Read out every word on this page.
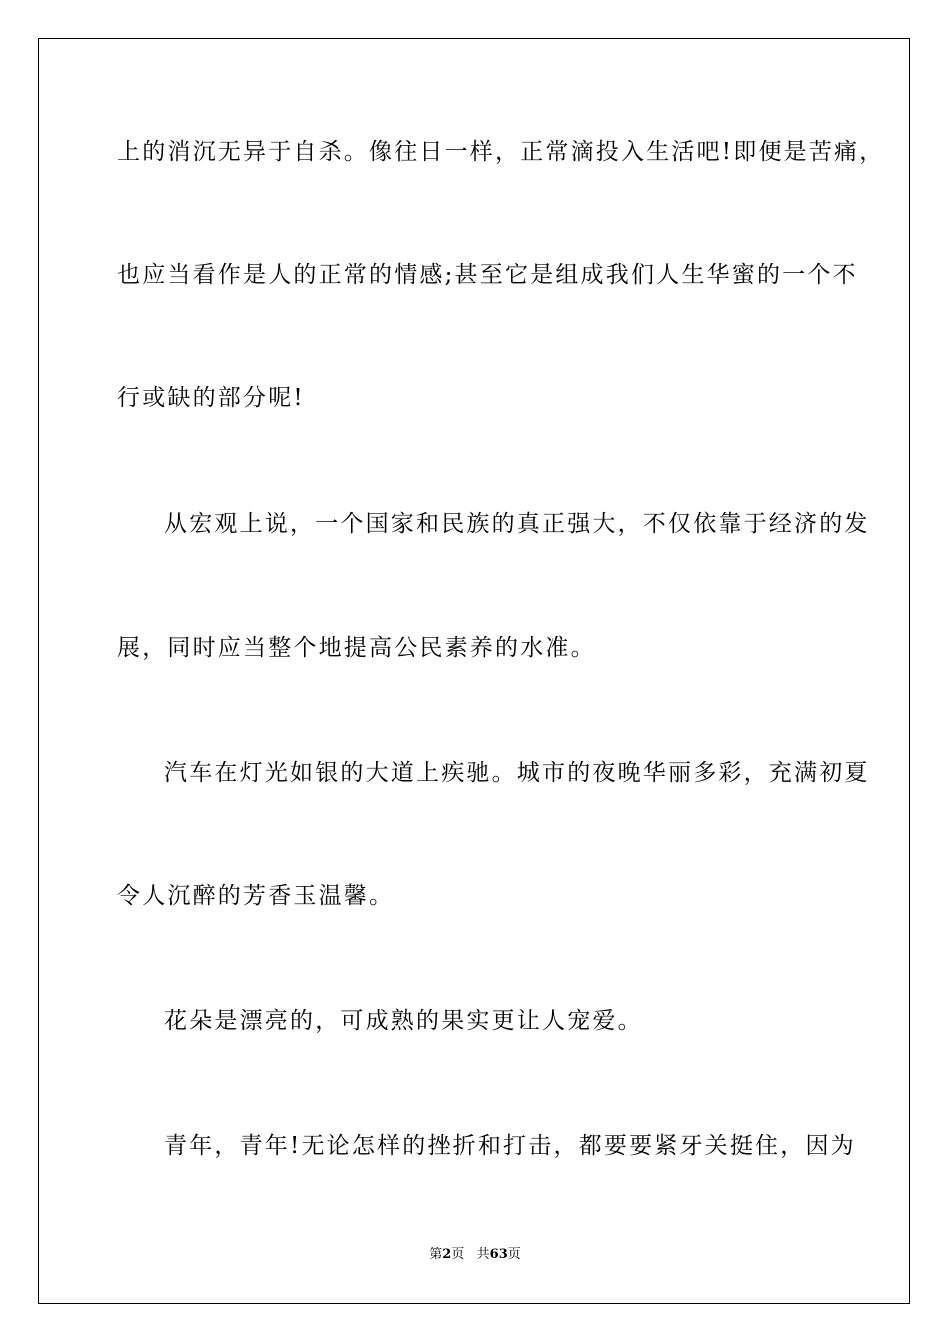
上的消沉无异于自杀。像往日一样，正常滴投入生活吧!即便是苦痛，
也应当看作是人的正常的情感;甚至它是组成我们人生华蜜的一个不
行或缺的部分呢!
从宏观上说，一个国家和民族的真正强大，不仅依靠于经济的发
展，同时应当整个地提高公民素养的水准。
汽车在灯光如银的大道上疾驰。城市的夜晚华丽多彩，充满初夏
令人沉醉的芳香玉温馨。
花朵是漂亮的，可成熟的果实更让人宠爱。
青年，青年!无论怎样的挫折和打击，都要要紧牙关挺住，因为
第2页   共63页
